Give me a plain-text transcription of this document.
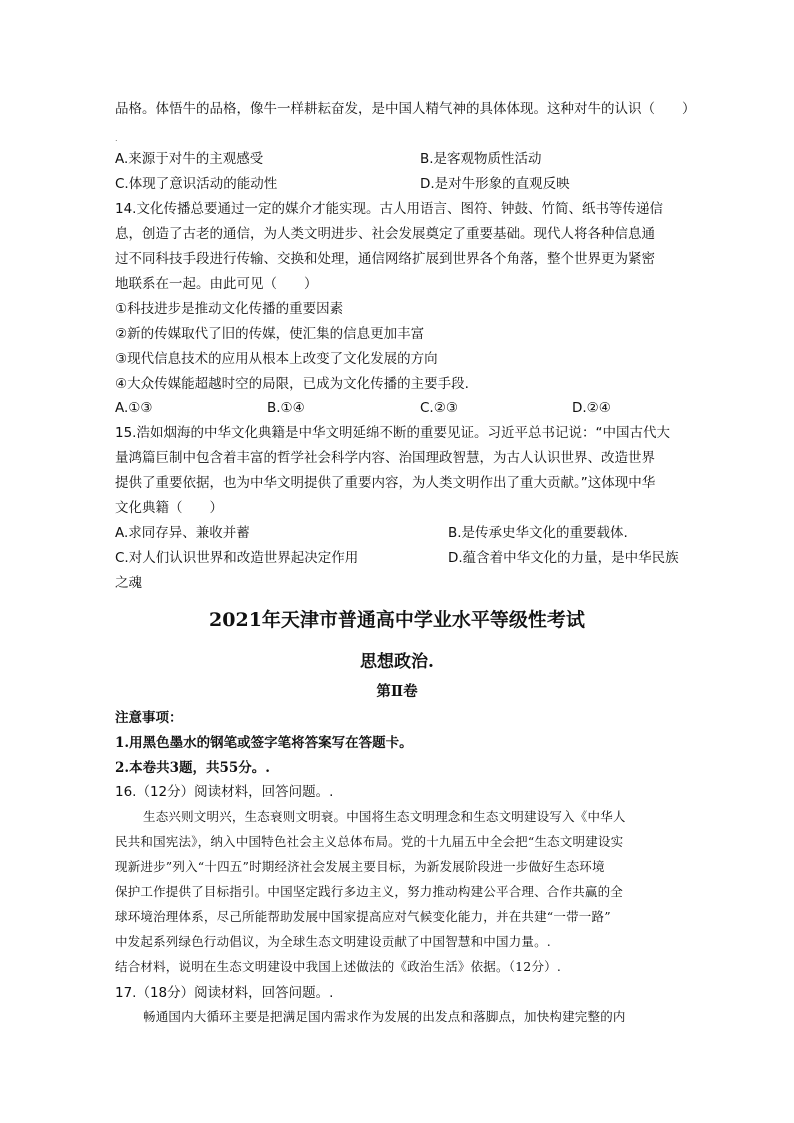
品格。体悟牛的品格，像牛一样耕耘奋发，是中国人精气神的具体体现。这种对牛的认识（　　）
.
A.来源于对牛的主观感受	B.是客观物质性活动
C.体现了意识活动的能动性	D.是对牛形象的直观反映
14.文化传播总要通过一定的媒介才能实现。古人用语言、图符、钟鼓、竹简、纸书等传递信
息，创造了古老的通信，为人类文明进步、社会发展奠定了重要基础。现代人将各种信息通
过不同科技手段进行传输、交换和处理，通信网络扩展到世界各个角落，整个世界更为紧密
地联系在一起。由此可见（　　）
①科技进步是推动文化传播的重要因素
②新的传媒取代了旧的传媒，使汇集的信息更加丰富
③现代信息技术的应用从根本上改变了文化发展的方向
④大众传媒能超越时空的局限，已成为文化传播的主要手段.
A.①③	B.①④	C.②③	D.②④
15.浩如烟海的中华文化典籍是中华文明延绵不断的重要见证。习近平总书记说：“中国古代大
量鸿篇巨制中包含着丰富的哲学社会科学内容、治国理政智慧，为古人认识世界、改造世界
提供了重要依据，也为中华文明提供了重要内容，为人类文明作出了重大贡献。”这体现中华
文化典籍（　　）
A.求同存异、兼收并蓄	B.是传承史华文化的重要载体.
C.对人们认识世界和改造世界起决定作用	D.蕴含着中华文化的力量，是中华民族
之魂
2021年天津市普通高中学业水平等级性考试
思想政治.
第Ⅱ卷
注意事项：
1.用黑色墨水的钢笔或签字笔将答案写在答题卡。
2.本卷共3题，共55分。.
16.（12分）阅读材料，回答问题。.
生态兴则文明兴，生态衰则文明衰。中国将生态文明理念和生态文明建设写入《中华人
民共和国宪法》，纳入中国特色社会主义总体布局。党的十九届五中全会把“生态文明建设实
现新进步”列入“十四五”时期经济社会发展主要目标，为新发展阶段进一步做好生态环境
保护工作提供了目标指引。中国坚定践行多边主义，努力推动构建公平合理、合作共赢的全
球环境治理体系，尽己所能帮助发展中国家提高应对气候变化能力，并在共建“一带一路”
中发起系列绿色行动倡议，为全球生态文明建设贡献了中国智慧和中国力量。.
结合材料，说明在生态文明建设中我国上述做法的《政治生活》依据。（12分）.
17.（18分）阅读材料，回答问题。.
畅通国内大循环主要是把满足国内需求作为发展的出发点和落脚点，加快构建完整的内
